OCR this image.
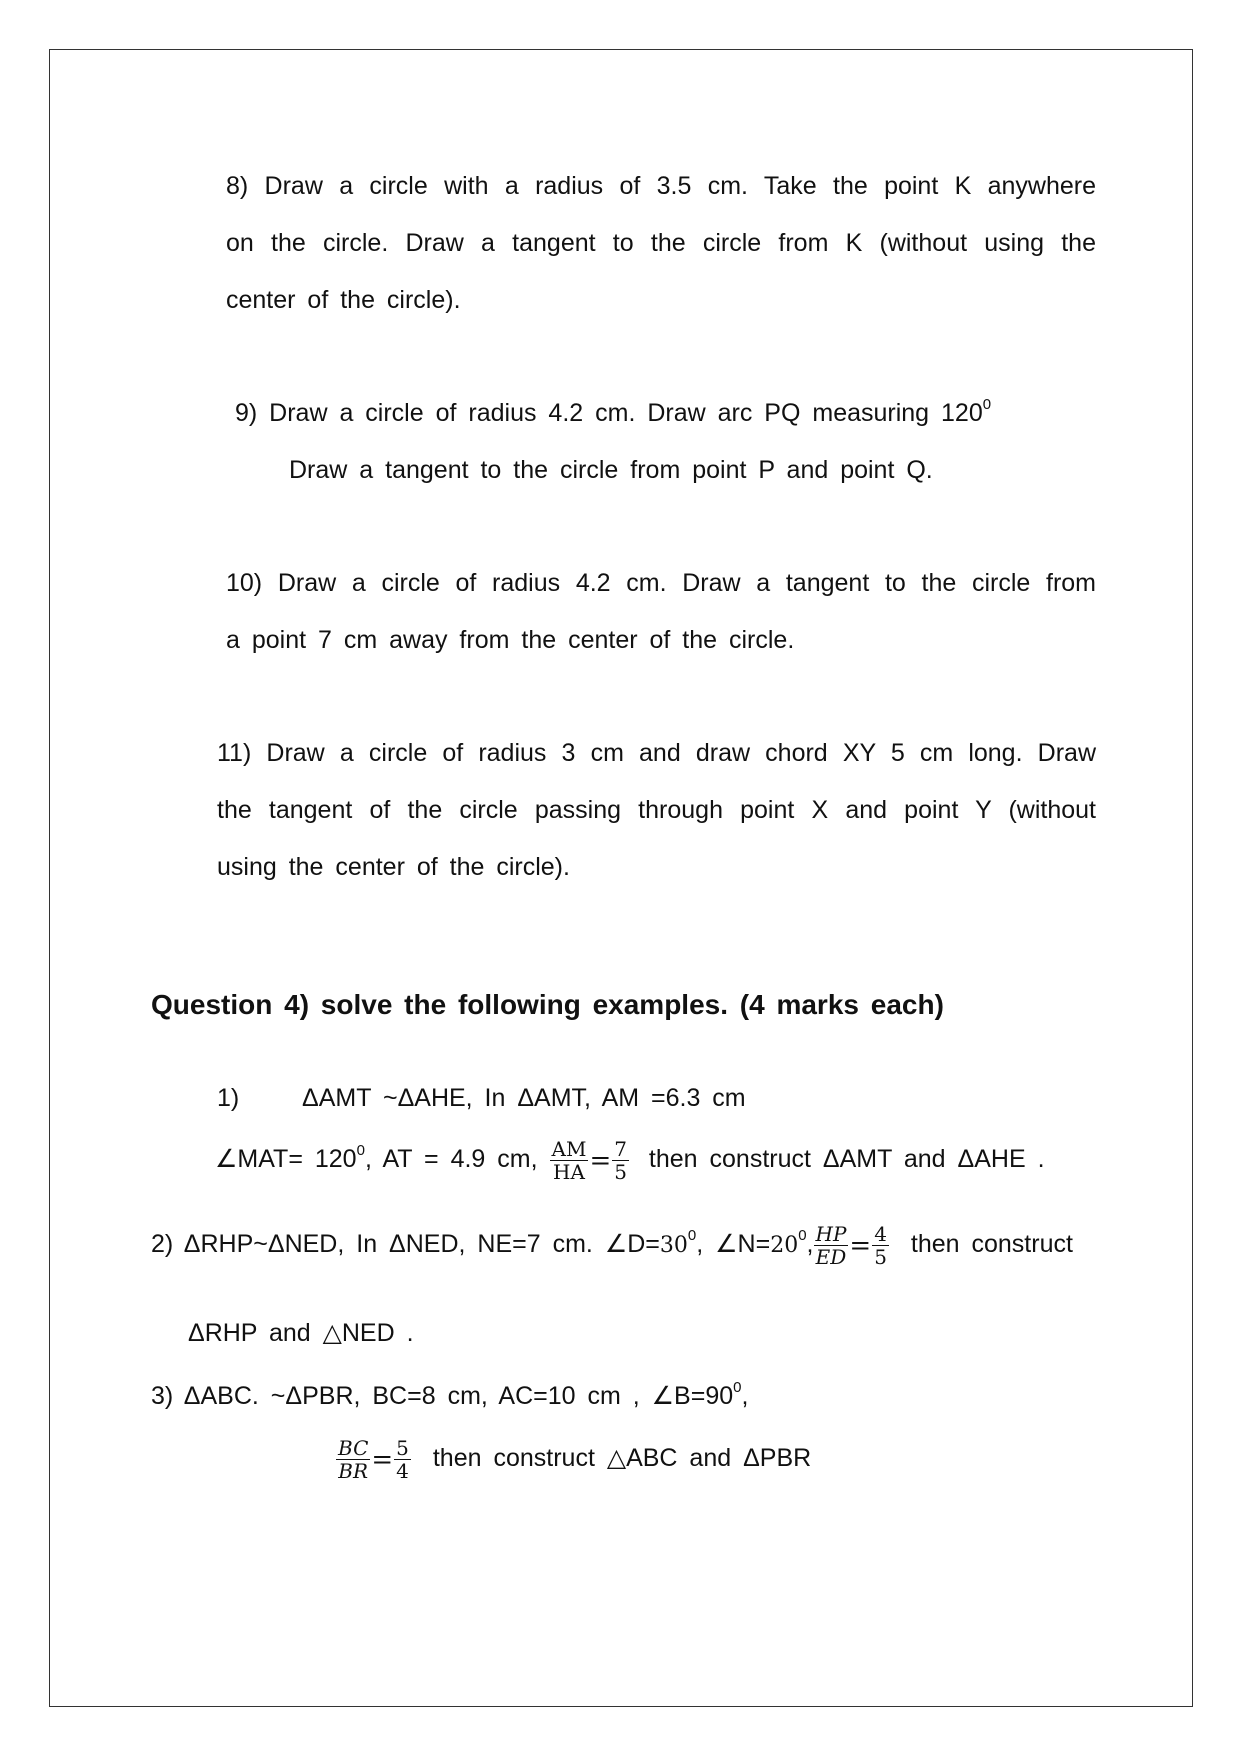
8) Draw a circle with a radius of 3.5 cm. Take the point K anywhere
on the circle. Draw a tangent to the circle from K (without using the
center of the circle).
9) Draw a circle of radius 4.2 cm. Draw arc PQ measuring $120^0$
Draw a tangent to the circle from point P and point Q.
10) Draw a circle of radius 4.2 cm. Draw a tangent to the circle from
a point 7 cm away from the center of the circle.
11) Draw a circle of radius 3 cm and draw chord XY 5 cm long. Draw
the tangent of the circle passing through point X and point Y (without
using the center of the circle).
Question 4) solve the following examples. (4 marks each)
1)	ΔAMT ~ΔAHE, In ΔAMT, AM =6.3 cm
∠MAT= $120^0$, AT = 4.9 cm, $\frac{AM}{HA} = \frac{7}{5}$ then construct ΔAMT and ΔAHE .
2) ΔRHP~ΔNED, In ΔNED, NE=7 cm. $\angle D=30^0$, $\angle N=20^0$, $\frac{HP}{ED} = \frac{4}{5}$ then construct
ΔRHP and △NED .
3) ΔABC. ~ΔPBR, BC=8 cm, AC=10 cm , $\angle B=90^0$,
$\frac{BC}{BR} = \frac{5}{4}$ then construct △ABC and ΔPBR
